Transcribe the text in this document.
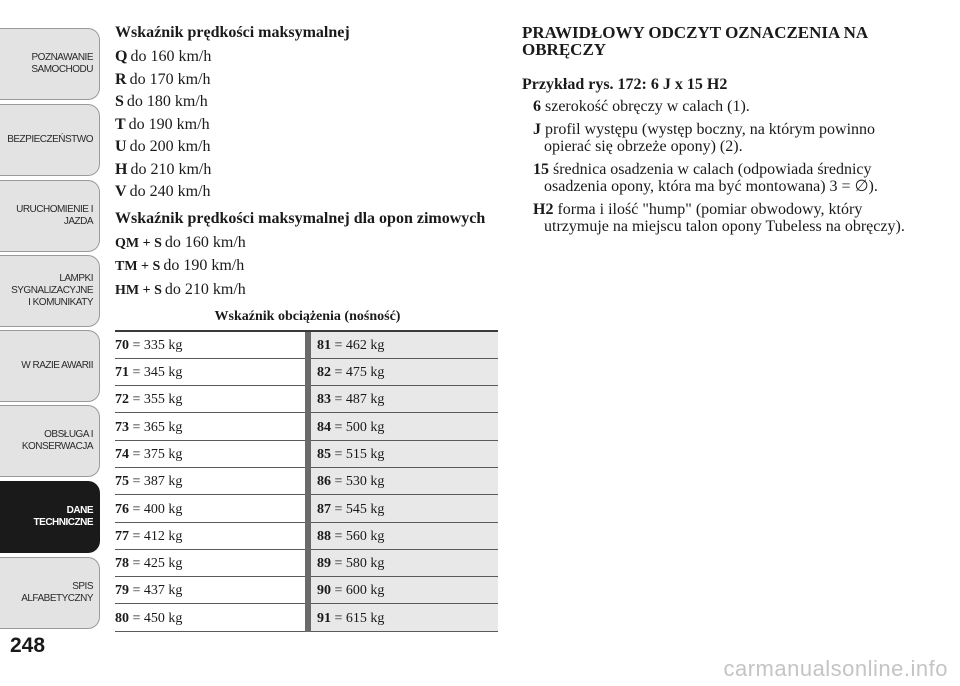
POZNAWANIE
SAMOCHODU
BEZPIECZEŃSTWO
URUCHOMIENIE I
JAZDA
LAMPKI
SYGNALIZACYJNE
I KOMUNIKATY
W RAZIE AWARII
OBSŁUGA I
KONSERWACJA
DANE
TECHNICZNE
SPIS
ALFABETYCZNY
248
Wskaźnik prędkości maksymalnej
Q do 160 km/h
R do 170 km/h
S do 180 km/h
T do 190 km/h
U do 200 km/h
H do 210 km/h
V do 240 km/h
Wskaźnik prędkości maksymalnej dla opon zimowych
QM + S do 160 km/h
TM + S do 190 km/h
HM + S do 210 km/h
Wskaźnik obciążenia (nośność)
70 = 335 kg		81 = 462 kg
71 = 345 kg		82 = 475 kg
72 = 355 kg		83 = 487 kg
73 = 365 kg		84 = 500 kg
74 = 375 kg		85 = 515 kg
75 = 387 kg		86 = 530 kg
76 = 400 kg		87 = 545 kg
77 = 412 kg		88 = 560 kg
78 = 425 kg		89 = 580 kg
79 = 437 kg		90 = 600 kg
80 = 450 kg		91 = 615 kg
PRAWIDŁOWY ODCZYT OZNACZENIA NA OBRĘCZY
Przykład rys. 172: 6 J x 15 H2
6 szerokość obręczy w calach (1).
J profil występu (występ boczny, na którym powinno opierać się obrzeże opony) (2).
15 średnica osadzenia w calach (odpowiada średnicy osadzenia opony, która ma być montowana) 3 = ∅).
H2 forma i ilość "hump" (pomiar obwodowy, który utrzymuje na miejscu talon opony Tubeless na obręczy).
carmanualsonline.info
